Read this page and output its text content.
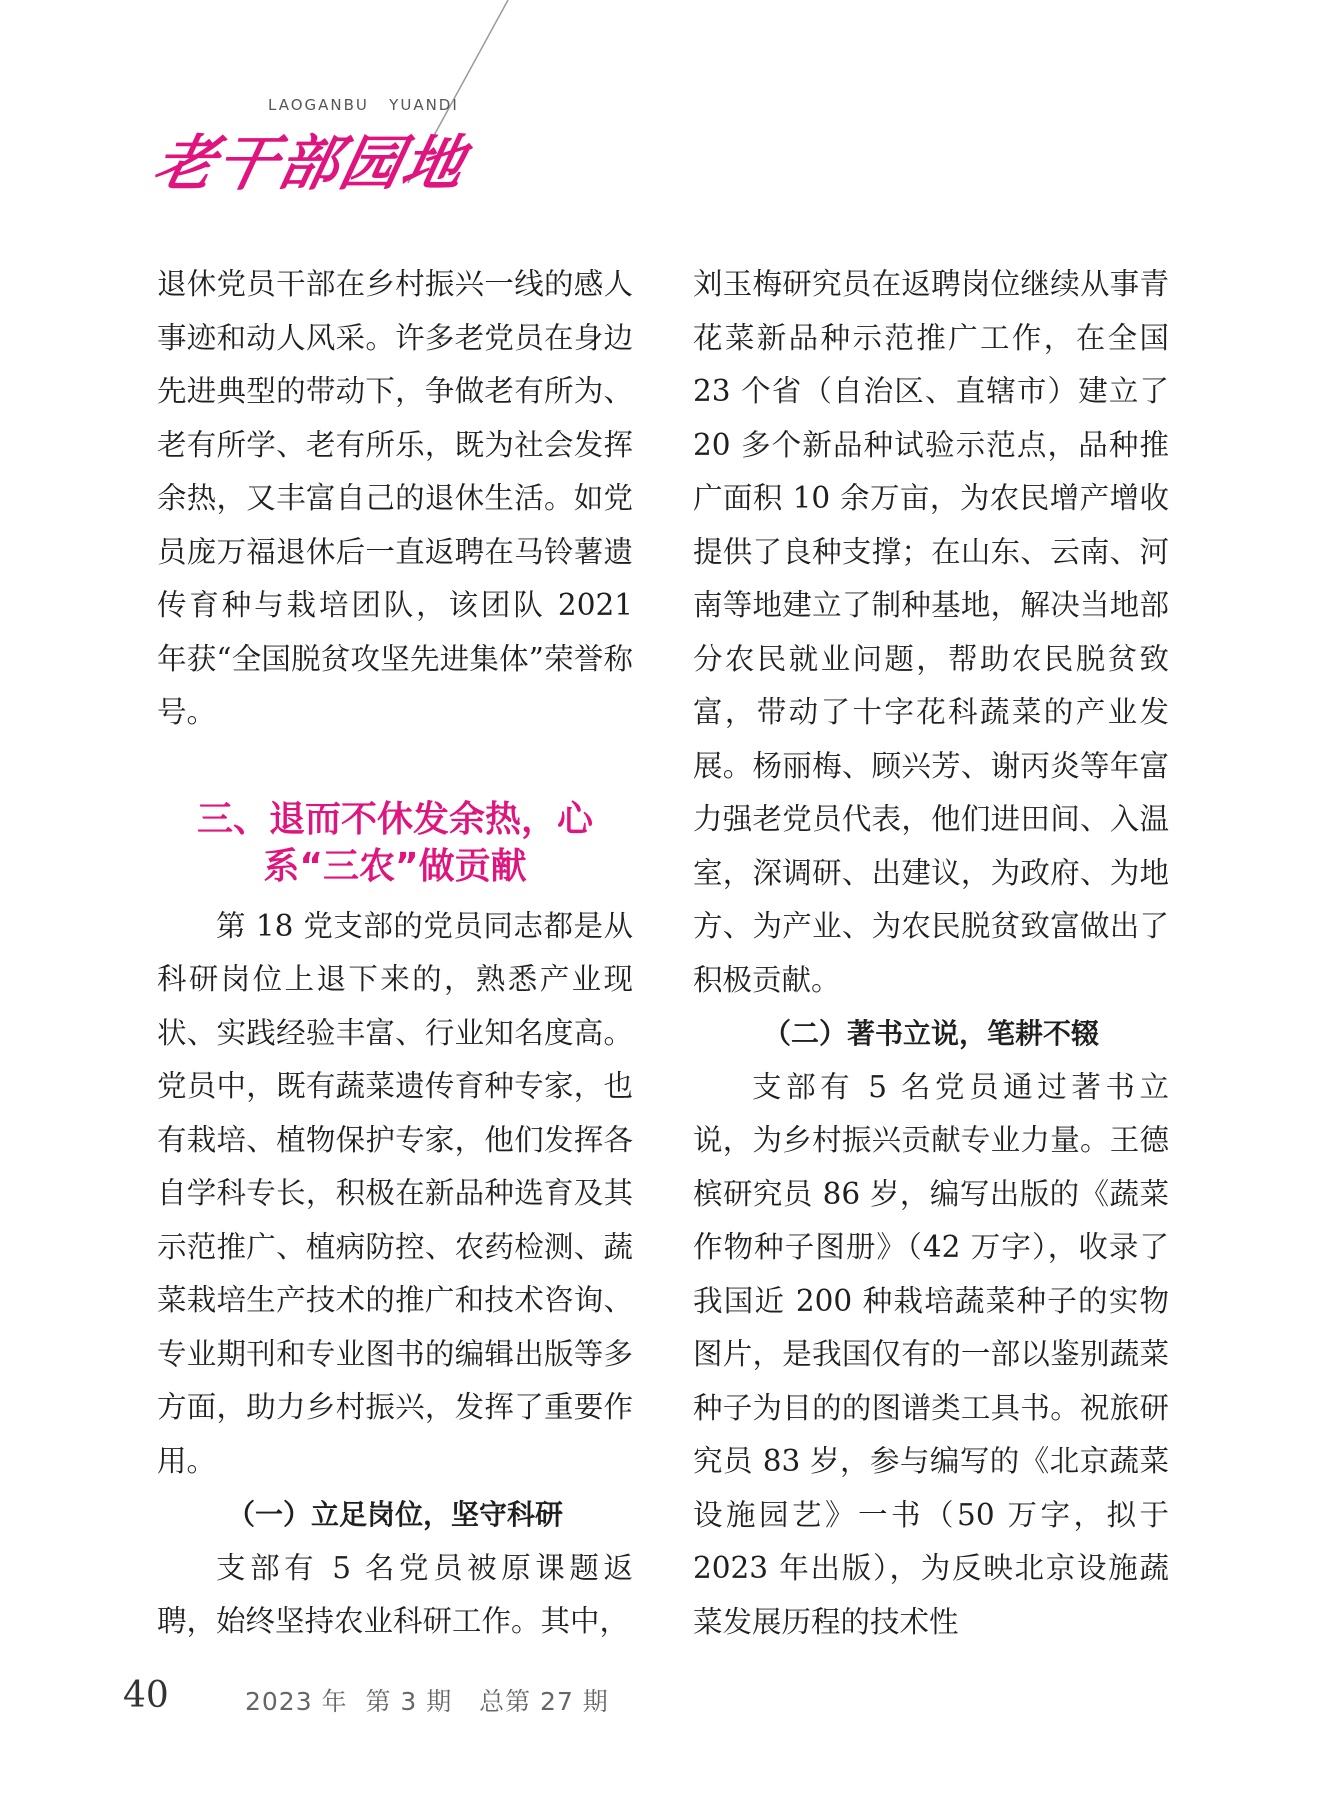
LAOGANBU   YUANDI
老干部园地

退休党员干部在乡村振兴一线的感人事迹和动人风采。许多老党员在身边先进典型的带动下，争做老有所为、老有所学、老有所乐，既为社会发挥余热，又丰富自己的退休生活。如党员庞万福退休后一直返聘在马铃薯遗传育种与栽培团队，该团队 2021 年获“全国脱贫攻坚先进集体”荣誉称号。

三、退而不休发余热，心

系“三农”做贡献

第 18 党支部的党员同志都是从科研岗位上退下来的，熟悉产业现状、实践经验丰富、行业知名度高。党员中，既有蔬菜遗传育种专家，也有栽培、植物保护专家，他们发挥各自学科专长，积极在新品种选育及其示范推广、植病防控、农药检测、蔬菜栽培生产技术的推广和技术咨询、专业期刊和专业图书的编辑出版等多方面，助力乡村振兴，发挥了重要作用。

（一）立足岗位，坚守科研

支部有 5 名党员被原课题返聘，始终坚持农业科研工作。其中，

刘玉梅研究员在返聘岗位继续从事青花菜新品种示范推广工作，在全国 23 个省（自治区、直辖市）建立了 20 多个新品种试验示范点，品种推广面积 10 余万亩，为农民增产增收提供了良种支撑；在山东、云南、河南等地建立了制种基地，解决当地部分农民就业问题，帮助农民脱贫致富，带动了十字花科蔬菜的产业发展。杨丽梅、顾兴芳、谢丙炎等年富力强老党员代表，他们进田间、入温室，深调研、出建议，为政府、为地方、为产业、为农民脱贫致富做出了积极贡献。

（二）著书立说，笔耕不辍

支部有 5 名党员通过著书立说，为乡村振兴贡献专业力量。王德槟研究员 86 岁，编写出版的《蔬菜作物种子图册》（42 万字），收录了我国近 200 种栽培蔬菜种子的实物图片，是我国仅有的一部以鉴别蔬菜种子为目的的图谱类工具书。祝旅研究员 83 岁，参与编写的《北京蔬菜设施园艺》一书（50 万字，拟于 2023 年出版），为反映北京设施蔬菜发展历程的技术性

40	2023 年  第 3 期   总第 27 期
